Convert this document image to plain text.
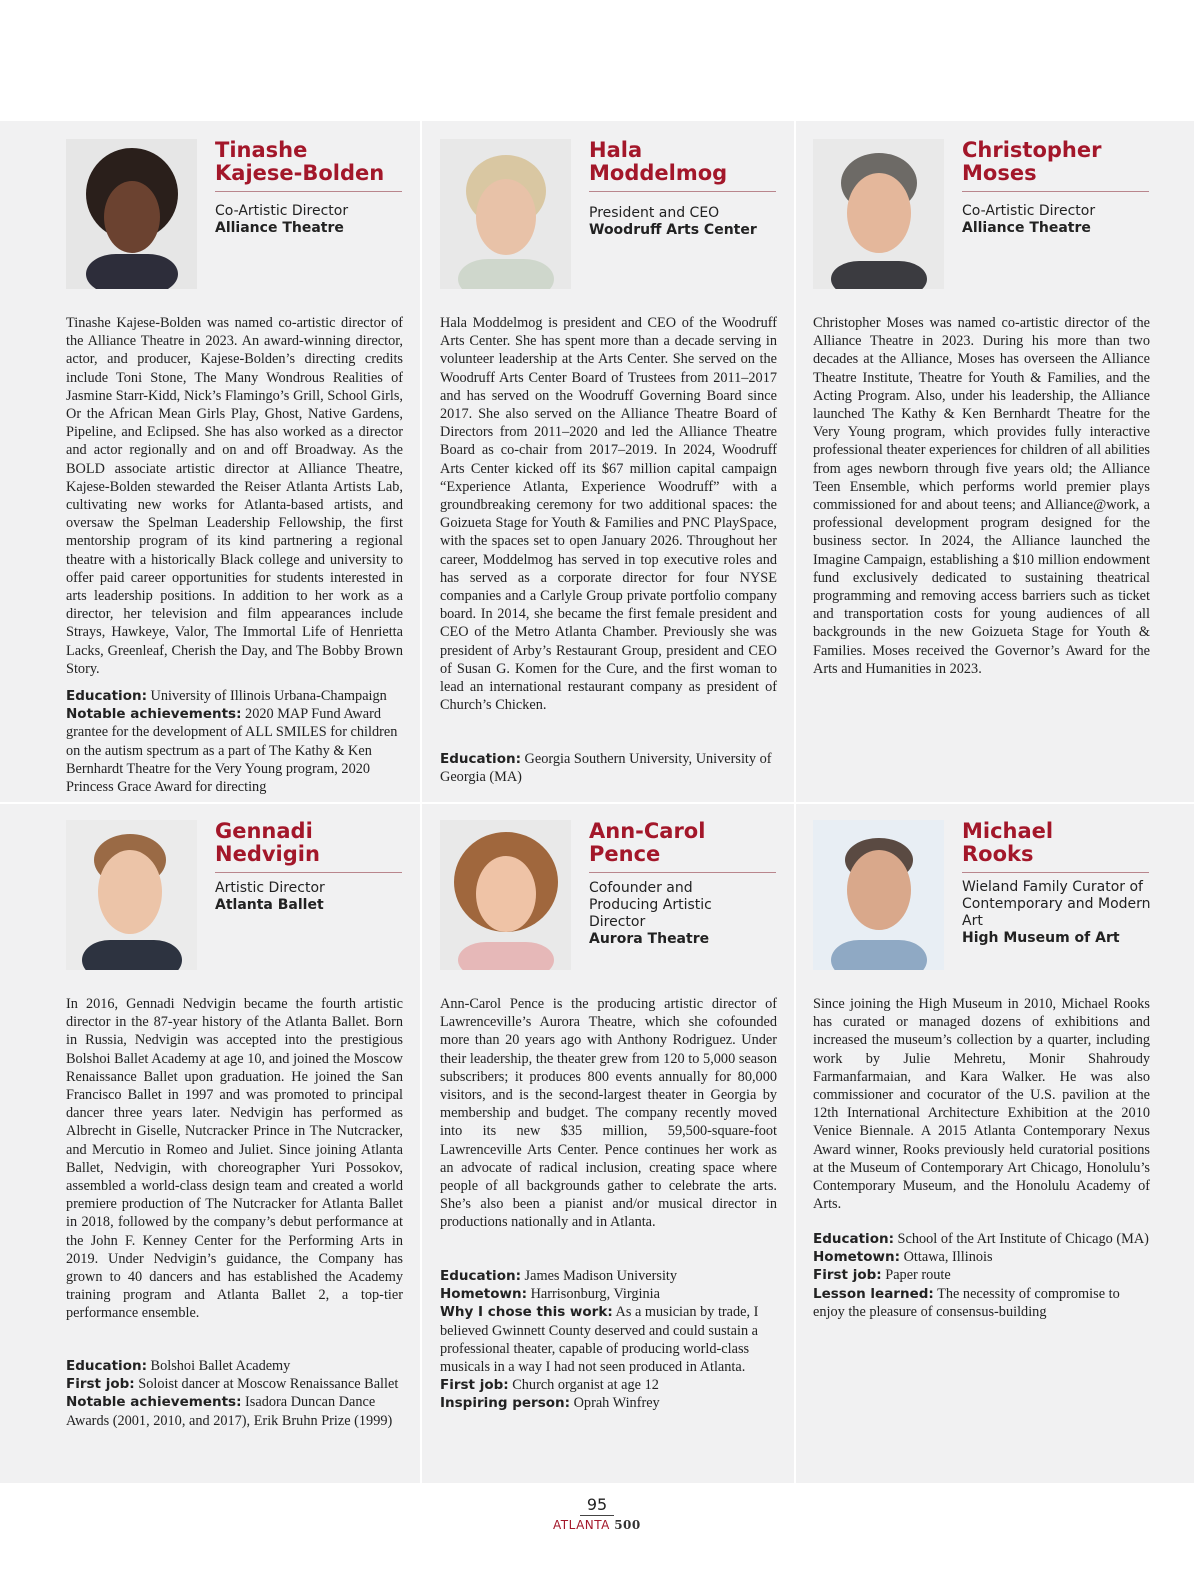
Tinashe
Kajese-Bolden
Co-Artistic Director
Alliance Theatre

Tinashe Kajese-Bolden was named co-artistic director of the Alliance Theatre in 2023. An award-winning director, actor, and producer, Kajese-Bolden’s directing credits include Toni Stone, The Many Wondrous Realities of Jasmine Starr-Kidd, Nick’s Flamingo’s Grill, School Girls, Or the African Mean Girls Play, Ghost, Native Gardens, Pipeline, and Eclipsed. She has also worked as a director and actor regionally and on and off Broadway. As the BOLD associate artistic director at Alliance Theatre, Kajese-Bolden stewarded the Reiser Atlanta Artists Lab, cultivating new works for Atlanta-based artists, and oversaw the Spelman Leadership Fellowship, the first mentorship program of its kind partnering a regional theatre with a historically Black college and university to offer paid career opportunities for students interested in arts leadership positions. In addition to her work as a director, her television and film appearances include Strays, Hawkeye, Valor, The Immortal Life of Henrietta Lacks, Greenleaf, Cherish the Day, and The Bobby Brown Story.

Education: University of Illinois Urbana-Champaign
Notable achievements: 2020 MAP Fund Award grantee for the development of ALL SMILES for children on the autism spectrum as a part of The Kathy & Ken Bernhardt Theatre for the Very Young program, 2020 Princess Grace Award for directing
Hala
Moddelmog
President and CEO
Woodruff Arts Center

Hala Moddelmog is president and CEO of the Woodruff Arts Center. She has spent more than a decade serving in volunteer leadership at the Arts Center. She served on the Woodruff Arts Center Board of Trustees from 2011–2017 and has served on the Woodruff Governing Board since 2017. She also served on the Alliance Theatre Board of Directors from 2011–2020 and led the Alliance Theatre Board as co-chair from 2017–2019. In 2024, Woodruff Arts Center kicked off its $67 million capital campaign “Experience Atlanta, Experience Woodruff” with a groundbreaking ceremony for two additional spaces: the Goizueta Stage for Youth & Families and PNC PlaySpace, with the spaces set to open January 2026. Throughout her career, Moddelmog has served in top executive roles and has served as a corporate director for four NYSE companies and a Carlyle Group private portfolio company board. In 2014, she became the first female president and CEO of the Metro Atlanta Chamber. Previously she was president of Arby’s Restaurant Group, president and CEO of Susan G. Komen for the Cure, and the first woman to lead an international restaurant company as president of Church’s Chicken.

Education: Georgia Southern University, University of Georgia (MA)
Christopher
Moses
Co-Artistic Director
Alliance Theatre

Christopher Moses was named co-artistic director of the Alliance Theatre in 2023. During his more than two decades at the Alliance, Moses has overseen the Alliance Theatre Institute, Theatre for Youth & Families, and the Acting Program. Also, under his leadership, the Alliance launched The Kathy & Ken Bernhardt Theatre for the Very Young program, which provides fully interactive professional theater experiences for children of all abilities from ages newborn through five years old; the Alliance Teen Ensemble, which performs world premier plays commissioned for and about teens; and Alliance@work, a professional development program designed for the business sector. In 2024, the Alliance launched the Imagine Campaign, establishing a $10 million endowment fund exclusively dedicated to sustaining theatrical programming and removing access barriers such as ticket and transportation costs for young audiences of all backgrounds in the new Goizueta Stage for Youth & Families. Moses received the Governor’s Award for the Arts and Humanities in 2023.

Gennadi
Nedvigin
Artistic Director
Atlanta Ballet

In 2016, Gennadi Nedvigin became the fourth artistic director in the 87-year history of the Atlanta Ballet. Born in Russia, Nedvigin was accepted into the prestigious Bolshoi Ballet Academy at age 10, and joined the Moscow Renaissance Ballet upon graduation. He joined the San Francisco Ballet in 1997 and was promoted to principal dancer three years later. Nedvigin has performed as Albrecht in Giselle, Nutcracker Prince in The Nutcracker, and Mercutio in Romeo and Juliet. Since joining Atlanta Ballet, Nedvigin, with choreographer Yuri Possokov, assembled a world-class design team and created a world premiere production of The Nutcracker for Atlanta Ballet in 2018, followed by the company’s debut performance at the John F. Kenney Center for the Performing Arts in 2019. Under Nedvigin’s guidance, the Company has grown to 40 dancers and has established the Academy training program and Atlanta Ballet 2, a top-tier performance ensemble.

Education: Bolshoi Ballet Academy
First job: Soloist dancer at Moscow Renaissance Ballet
Notable achievements: Isadora Duncan Dance Awards (2001, 2010, and 2017), Erik Bruhn Prize (1999)
Ann-Carol
Pence
Cofounder and Producing Artistic Director
Aurora Theatre

Ann-Carol Pence is the producing artistic director of Lawrenceville’s Aurora Theatre, which she cofounded more than 20 years ago with Anthony Rodriguez. Under their leadership, the theater grew from 120 to 5,000 season subscribers; it produces 800 events annually for 80,000 visitors, and is the second-largest theater in Georgia by membership and budget. The company recently moved into its new $35 million, 59,500-square-foot Lawrenceville Arts Center. Pence continues her work as an advocate of radical inclusion, creating space where people of all backgrounds gather to celebrate the arts. She’s also been a pianist and/or musical director in productions nationally and in Atlanta.

Education: James Madison University
Hometown: Harrisonburg, Virginia
Why I chose this work: As a musician by trade, I believed Gwinnett County deserved and could sustain a professional theater, capable of producing world-class musicals in a way I had not seen produced in Atlanta.
First job: Church organist at age 12
Inspiring person: Oprah Winfrey
Michael
Rooks
Wieland Family Curator of Contemporary and Modern Art
High Museum of Art

Since joining the High Museum in 2010, Michael Rooks has curated or managed dozens of exhibitions and increased the museum’s collection by a quarter, including work by Julie Mehretu, Monir Shahroudy Farmanfarmaian, and Kara Walker. He was also commissioner and cocurator of the U.S. pavilion at the 12th International Architecture Exhibition at the 2010 Venice Biennale. A 2015 Atlanta Contemporary Nexus Award winner, Rooks previously held curatorial positions at the Museum of Contemporary Art Chicago, Honolulu’s Contemporary Museum, and the Honolulu Academy of Arts.

Education: School of the Art Institute of Chicago (MA)
Hometown: Ottawa, Illinois
First job: Paper route
Lesson learned: The necessity of compromise to enjoy the pleasure of consensus-building
95
ATLANTA 500
